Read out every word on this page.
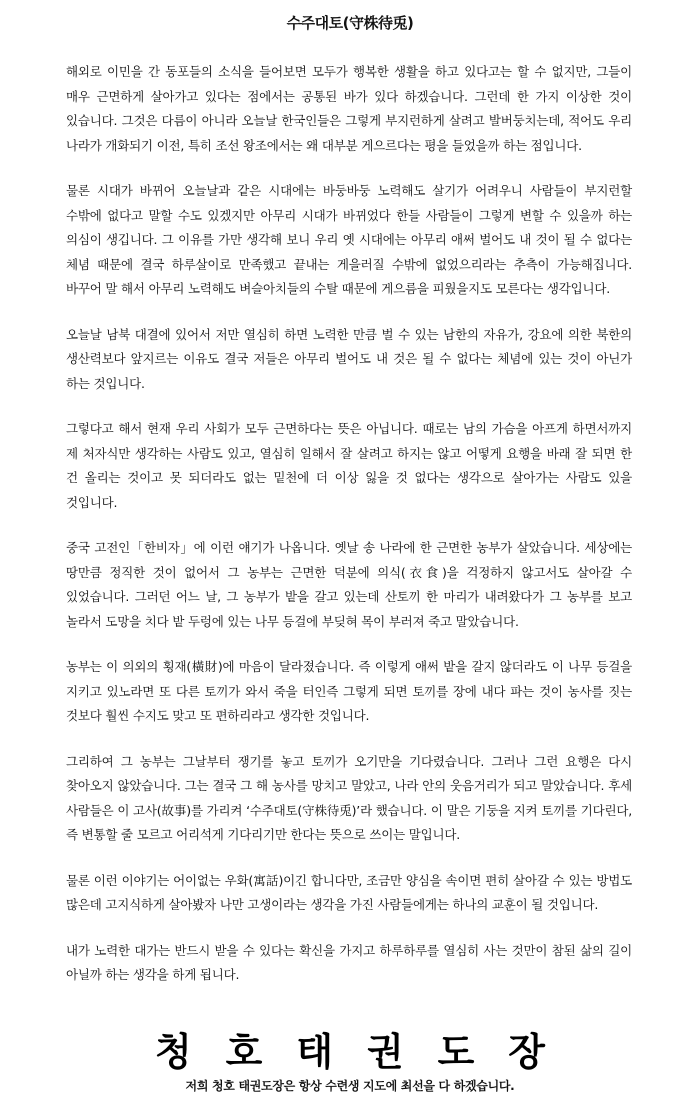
수주대토(守株待兎)

해외로 이민을 간 동포들의 소식을 들어보면 모두가 행복한 생활을 하고 있다고는 할 수 없지만, 그들이 매우 근면하게 살아가고 있다는 점에서는 공통된 바가 있다 하겠습니다. 그런데 한 가지 이상한 것이 있습니다. 그것은 다름이 아니라 오늘날 한국인들은 그렇게 부지런하게 살려고 발버둥치는데, 적어도 우리 나라가 개화되기 이전, 특히 조선 왕조에서는 왜 대부분 게으르다는 평을 들었을까 하는 점입니다.

물론 시대가 바뀌어 오늘날과 같은 시대에는 바둥바둥 노력해도 살기가 어려우니 사람들이 부지런할 수밖에 없다고 말할 수도 있겠지만 아무리 시대가 바뀌었다 한들 사람들이 그렇게 변할 수 있을까 하는 의심이 생깁니다. 그 이유를 가만 생각해 보니 우리 옛 시대에는 아무리 애써 벌어도 내 것이 될 수 없다는 체념 때문에 결국 하루살이로 만족했고 끝내는 게을러질 수밖에 없었으리라는 추측이 가능해집니다. 바꾸어 말 해서 아무리 노력해도 벼슬아치들의 수탈 때문에 게으름을 피웠을지도 모른다는 생각입니다.

오늘날 남북 대결에 있어서 저만 열심히 하면 노력한 만큼 벌 수 있는 남한의 자유가, 강요에 의한 북한의 생산력보다 앞지르는 이유도 결국 저들은 아무리 벌어도 내 것은 될 수 없다는 체념에 있는 것이 아닌가 하는 것입니다.

그렇다고 해서 현재 우리 사회가 모두 근면하다는 뜻은 아닙니다. 때로는 남의 가슴을 아프게 하면서까지 제 처자식만 생각하는 사람도 있고, 열심히 일해서 잘 살려고 하지는 않고 어떻게 요행을 바래 잘 되면 한 건 올리는 것이고 못 되더라도 없는 밑천에 더 이상 잃을 것 없다는 생각으로 살아가는 사람도 있을 것입니다.

중국 고전인「한비자」에 이런 얘기가 나옵니다. 옛날 송 나라에 한 근면한 농부가 살았습니다. 세상에는 땅만큼 정직한 것이 없어서 그 농부는 근면한 덕분에 의식(衣食)을 걱정하지 않고서도 살아갈 수 있었습니다. 그러던 어느 날, 그 농부가 밭을 갈고 있는데 산토끼 한 마리가 내려왔다가 그 농부를 보고 놀라서 도망을 치다 밭 두렁에 있는 나무 등걸에 부딪혀 목이 부러져 죽고 말았습니다.

농부는 이 의외의 횡재(橫財)에 마음이 달라졌습니다. 즉 이렇게 애써 밭을 갈지 않더라도 이 나무 등걸을 지키고 있노라면 또 다른 토끼가 와서 죽을 터인즉 그렇게 되면 토끼를 장에 내다 파는 것이 농사를 짓는 것보다 훨씬 수지도 맞고 또 편하리라고 생각한 것입니다.

그리하여 그 농부는 그날부터 쟁기를 놓고 토끼가 오기만을 기다렸습니다. 그러나 그런 요행은 다시 찾아오지 않았습니다. 그는 결국 그 해 농사를 망치고 말았고, 나라 안의 웃음거리가 되고 말았습니다. 후세 사람들은 이 고사(故事)를 가리켜 ‘수주대토(守株待兎)’라 했습니다. 이 말은 기둥을 지켜 토끼를 기다린다, 즉 변통할 줄 모르고 어리석게 기다리기만 한다는 뜻으로 쓰이는 말입니다.

물론 이런 이야기는 어이없는 우화(寓話)이긴 합니다만, 조금만 양심을 속이면 편히 살아갈 수 있는 방법도 많은데 고지식하게 살아봤자 나만 고생이라는 생각을 가진 사람들에게는 하나의 교훈이 될 것입니다.

내가 노력한 대가는 반드시 받을 수 있다는 확신을 가지고 하루하루를 열심히 사는 것만이 참된 삶의 길이 아닐까 하는 생각을 하게 됩니다.

청 호 태 권 도 장
저희 청호 태권도장은 항상 수련생 지도에 최선을 다 하겠습니다.
